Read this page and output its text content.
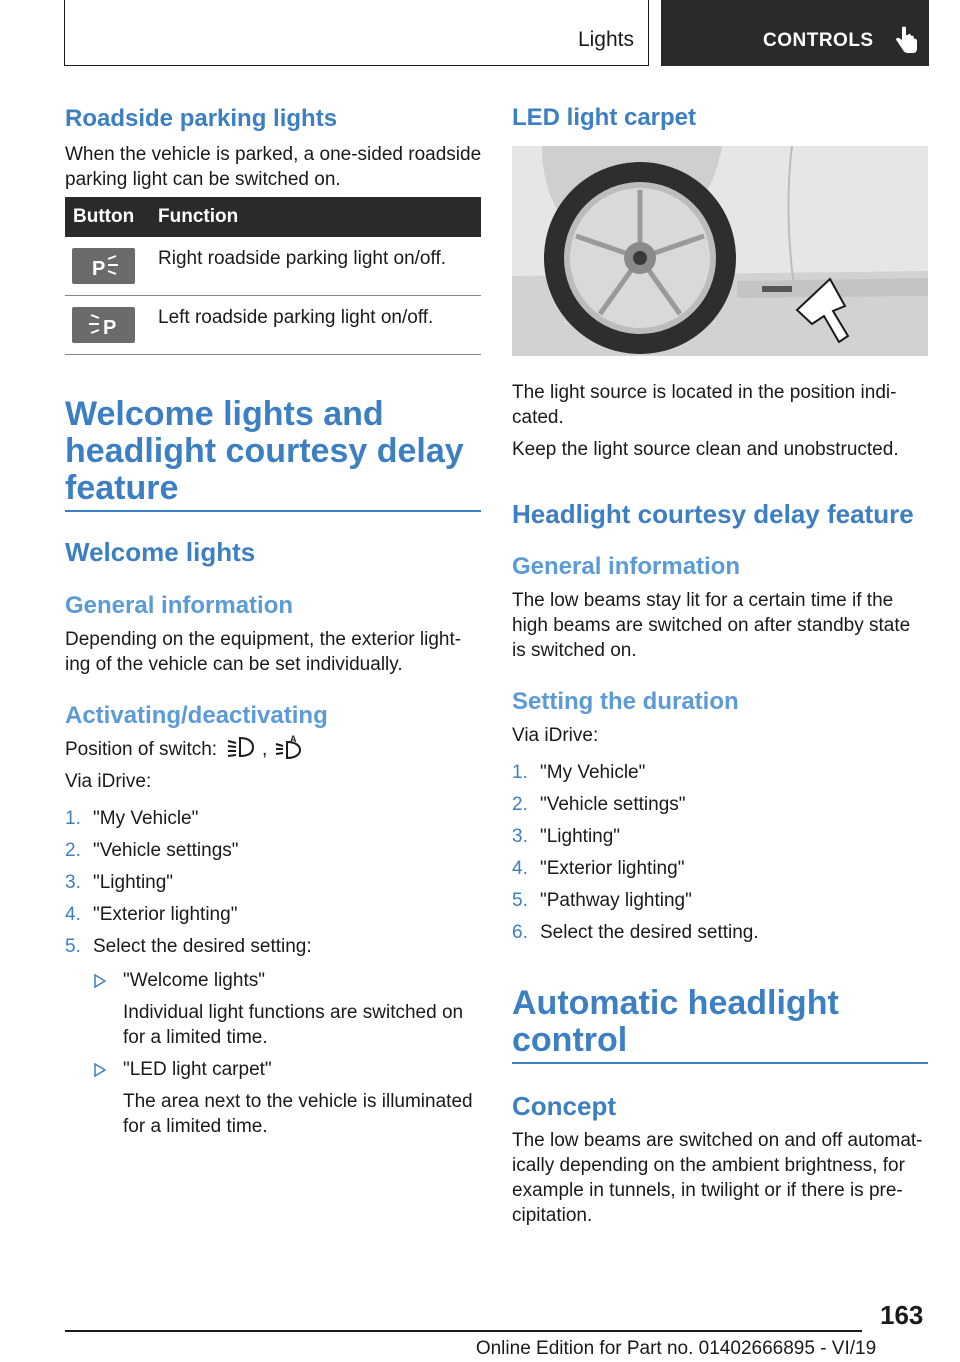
Lights	CONTROLS
Roadside parking lights
When the vehicle is parked, a one-sided roadside
parking light can be switched on.
Button Function
P	Right roadside parking light on/off.
P Left roadside parking light on/off.
Welcome lights and
headlight courtesy delay
feature
Welcome lights
General information
Depending on the equipment, the exterior light-
ing of the vehicle can be set individually.
Activating/deactivating
Position of switch: ,	A
Via iDrive:
1. "My Vehicle"
2. "Vehicle settings"
3. "Lighting"
4. "Exterior lighting"
5. Select the desired setting:
"Welcome lights"
Individual light functions are switched on
for a limited time.
"LED light carpet"
The area next to the vehicle is illuminated
for a limited time.
LED light carpet
The light source is located in the position indi-
cated.
Keep the light source clean and unobstructed.
Headlight courtesy delay feature
General information
The low beams stay lit for a certain time if the
high beams are switched on after standby state
is switched on.
Setting the duration
Via iDrive:
1. "My Vehicle"
2. "Vehicle settings"
3. "Lighting"
4. "Exterior lighting"
5. "Pathway lighting"
6. Select the desired setting.
Automatic headlight
control
Concept
The low beams are switched on and off automat-
ically depending on the ambient brightness, for
example in tunnels, in twilight or if there is pre-
cipitation.
163
Online Edition for Part no. 01402666895 - VI/19
